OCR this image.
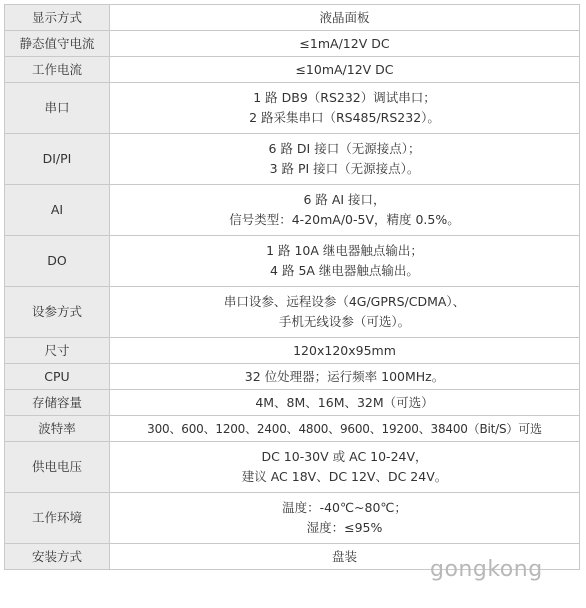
显示方式	液晶面板

静态值守电流	≤1mA/12V DC

工作电流	≤10mA/12V DC

串口	1 路 DB9（RS232）调试串口；
2 路采集串口（RS485/RS232）。

DI/PI	6 路 DI 接口（无源接点）；
3 路 PI 接口（无源接点）。

AI	6 路 AI 接口，
信号类型：4-20mA/0-5V，精度 0.5%。

DO	1 路 10A 继电器触点输出；
4 路 5A 继电器触点输出。

设参方式	串口设参、远程设参（4G/GPRS/CDMA）、
手机无线设参（可选）。

尺寸	120x120x95mm

CPU	32 位处理器；运行频率 100MHz。

存储容量	4M、8M、16M、32M（可选）

波特率	300、600、1200、2400、4800、9600、19200、38400（Bit/S）可选

供电电压	DC 10-30V 或 AC 10-24V，
建议 AC 18V、DC 12V、DC 24V。

工作环境	温度：-40℃~80℃；
湿度：≤95%

安装方式	盘装
gongkong
